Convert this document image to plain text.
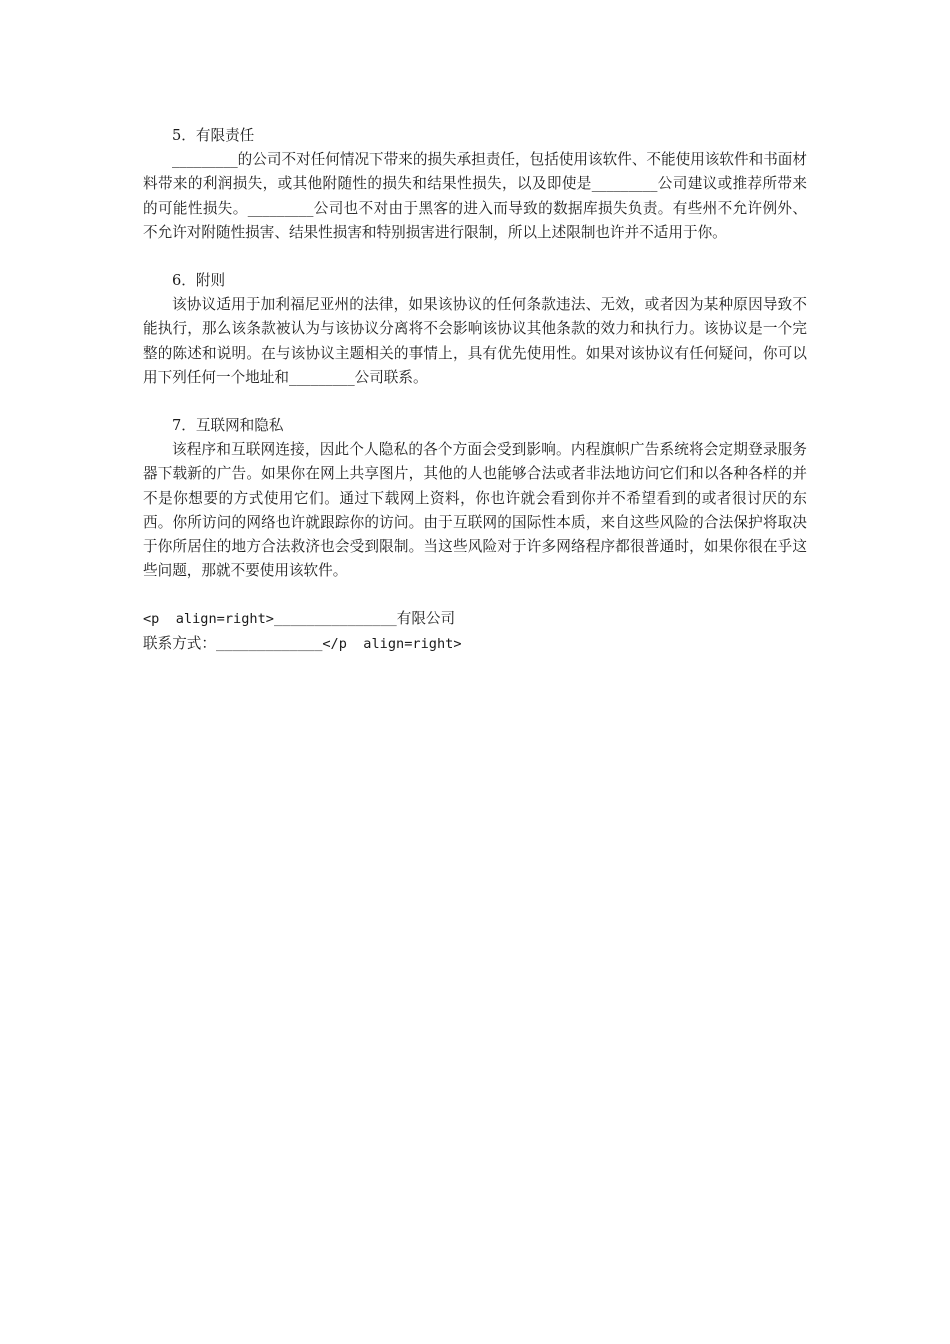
5．有限责任

_________的公司不对任何情况下带来的损失承担责任，包括使用该软件、不能使用该软件和书面材料带来的利润损失，或其他附随性的损失和结果性损失，以及即使是_________公司建议或推荐所带来的可能性损失。_________公司也不对由于黑客的进入而导致的数据库损失负责。有些州不允许例外、不允许对附随性损害、结果性损害和特别损害进行限制，所以上述限制也许并不适用于你。

6．附则

该协议适用于加利福尼亚州的法律，如果该协议的任何条款违法、无效，或者因为某种原因导致不能执行，那么该条款被认为与该协议分离将不会影响该协议其他条款的效力和执行力。该协议是一个完整的陈述和说明。在与该协议主题相关的事情上，具有优先使用性。如果对该协议有任何疑问，你可以用下列任何一个地址和_________公司联系。

7．互联网和隐私

该程序和互联网连接，因此个人隐私的各个方面会受到影响。内程旗帜广告系统将会定期登录服务器下载新的广告。如果你在网上共享图片，其他的人也能够合法或者非法地访问它们和以各种各样的并不是你想要的方式使用它们。通过下载网上资料，你也许就会看到你并不希望看到的或者很讨厌的东西。你所访问的网络也许就跟踪你的访问。由于互联网的国际性本质，来自这些风险的合法保护将取决于你所居住的地方合法救济也会受到限制。当这些风险对于许多网络程序都很普通时，如果你很在乎这些问题，那就不要使用该软件。

<p  align=right>_______________有限公司

联系方式：_____________</p  align=right>
